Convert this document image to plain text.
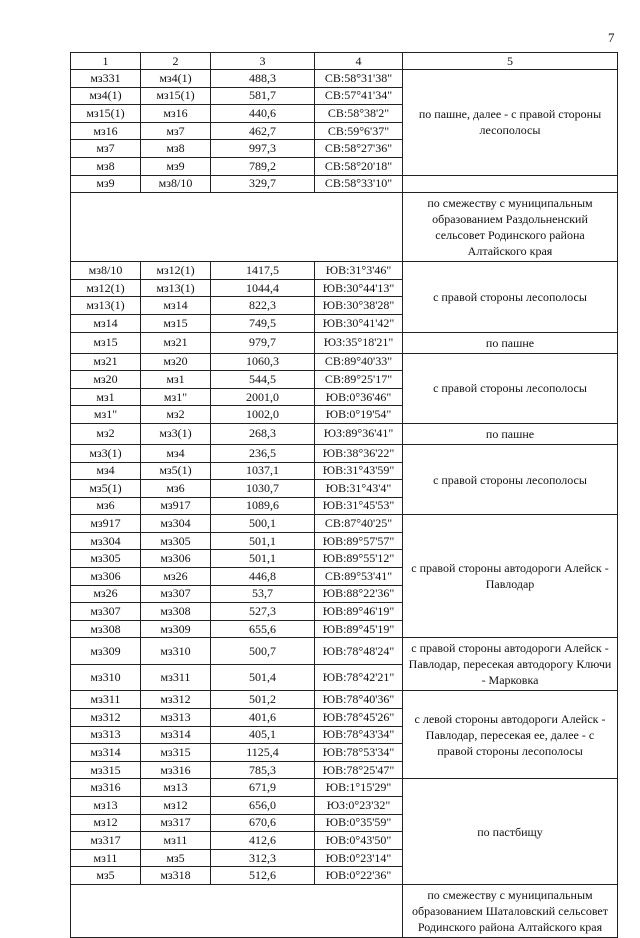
7
1	2	3	4	5
мз331	мз4(1)	488,3	СВ:58°31'38"	по пашне, далее - с правой стороны лесополосы
мз4(1)	мз15(1)	581,7	СВ:57°41'34"	
мз15(1)	мз16	440,6	СВ:58°38'2"	
мз16	мз7	462,7	СВ:59°6'37"	
мз7	мз8	997,3	СВ:58°27'36"	
мз8	мз9	789,2	СВ:58°20'18"	
мз9	мз8/10	329,7	СВ:58°33'10"	
				по смежеству с муниципальным образованием Раздольненский сельсовет Родинского района Алтайского края
мз8/10	мз12(1)	1417,5	ЮВ:31°3'46"	с правой стороны лесополосы
мз12(1)	мз13(1)	1044,4	ЮВ:30°44'13"	
мз13(1)	мз14	822,3	ЮВ:30°38'28"	
мз14	мз15	749,5	ЮВ:30°41'42"	
мз15	мз21	979,7	ЮЗ:35°18'21"	по пашне
мз21	мз20	1060,3	СВ:89°40'33"	с правой стороны лесополосы
мз20	мз1	544,5	СВ:89°25'17"	
мз1	мз1"	2001,0	ЮВ:0°36'46"	
мз1"	мз2	1002,0	ЮВ:0°19'54"	
мз2	мз3(1)	268,3	ЮЗ:89°36'41"	по пашне
мз3(1)	мз4	236,5	ЮВ:38°36'22"	с правой стороны лесополосы
мз4	мз5(1)	1037,1	ЮВ:31°43'59"	
мз5(1)	мз6	1030,7	ЮВ:31°43'4"	
мз6	мз917	1089,6	ЮВ:31°45'53"	
мз917	мз304	500,1	СВ:87°40'25"	с правой стороны автодороги Алейск - Павлодар
мз304	мз305	501,1	ЮВ:89°57'57"	
мз305	мз306	501,1	ЮВ:89°55'12"	
мз306	мз26	446,8	СВ:89°53'41"	
мз26	мз307	53,7	ЮВ:88°22'36"	
мз307	мз308	527,3	ЮВ:89°46'19"	
мз308	мз309	655,6	ЮВ:89°45'19"	
мз309	мз310	500,7	ЮВ:78°48'24"	с правой стороны автодороги Алейск - Павлодар, пересекая автодорогу Ключи - Марковка
мз310	мз311	501,4	ЮВ:78°42'21"	
мз311	мз312	501,2	ЮВ:78°40'36"	с левой стороны автодороги Алейск - Павлодар, пересекая ее, далее - с правой стороны лесополосы
мз312	мз313	401,6	ЮВ:78°45'26"	
мз313	мз314	405,1	ЮВ:78°43'34"	
мз314	мз315	1125,4	ЮВ:78°53'34"	
мз315	мз316	785,3	ЮВ:78°25'47"	
мз316	мз13	671,9	ЮВ:1°15'29"	по пастбищу
мз13	мз12	656,0	ЮЗ:0°23'32"	
мз12	мз317	670,6	ЮВ:0°35'59"	
мз317	мз11	412,6	ЮВ:0°43'50"	
мз11	мз5	312,3	ЮВ:0°23'14"	
мз5	мз318	512,6	ЮВ:0°22'36"	
				по смежеству с муниципальным образованием Шаталовский сельсовет Родинского района Алтайского края
